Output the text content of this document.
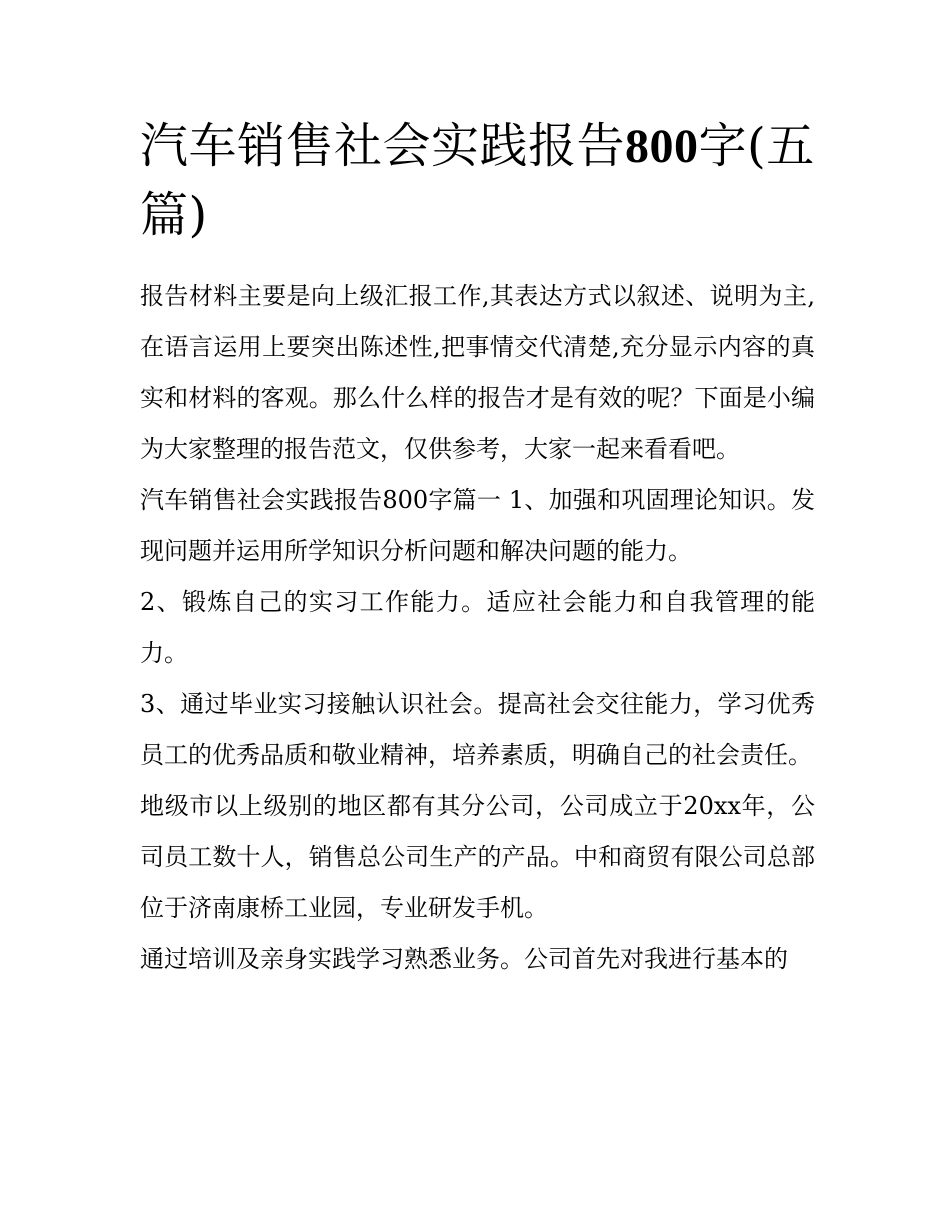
汽车销售社会实践报告800字(五篇)

报告材料主要是向上级汇报工作,其表达方式以叙述、说明为主,在语言运用上要突出陈述性,把事情交代清楚,充分显示内容的真实和材料的客观。那么什么样的报告才是有效的呢？下面是小编为大家整理的报告范文，仅供参考，大家一起来看看吧。

汽车销售社会实践报告800字篇一 1、加强和巩固理论知识。发现问题并运用所学知识分析问题和解决问题的能力。

2、锻炼自己的实习工作能力。适应社会能力和自我管理的能力。

3、通过毕业实习接触认识社会。提高社会交往能力，学习优秀员工的优秀品质和敬业精神，培养素质，明确自己的社会责任。

地级市以上级别的地区都有其分公司，公司成立于20xx年，公司员工数十人，销售总公司生产的产品。中和商贸有限公司总部位于济南康桥工业园，专业研发手机。

通过培训及亲身实践学习熟悉业务。公司首先对我进行基本的
